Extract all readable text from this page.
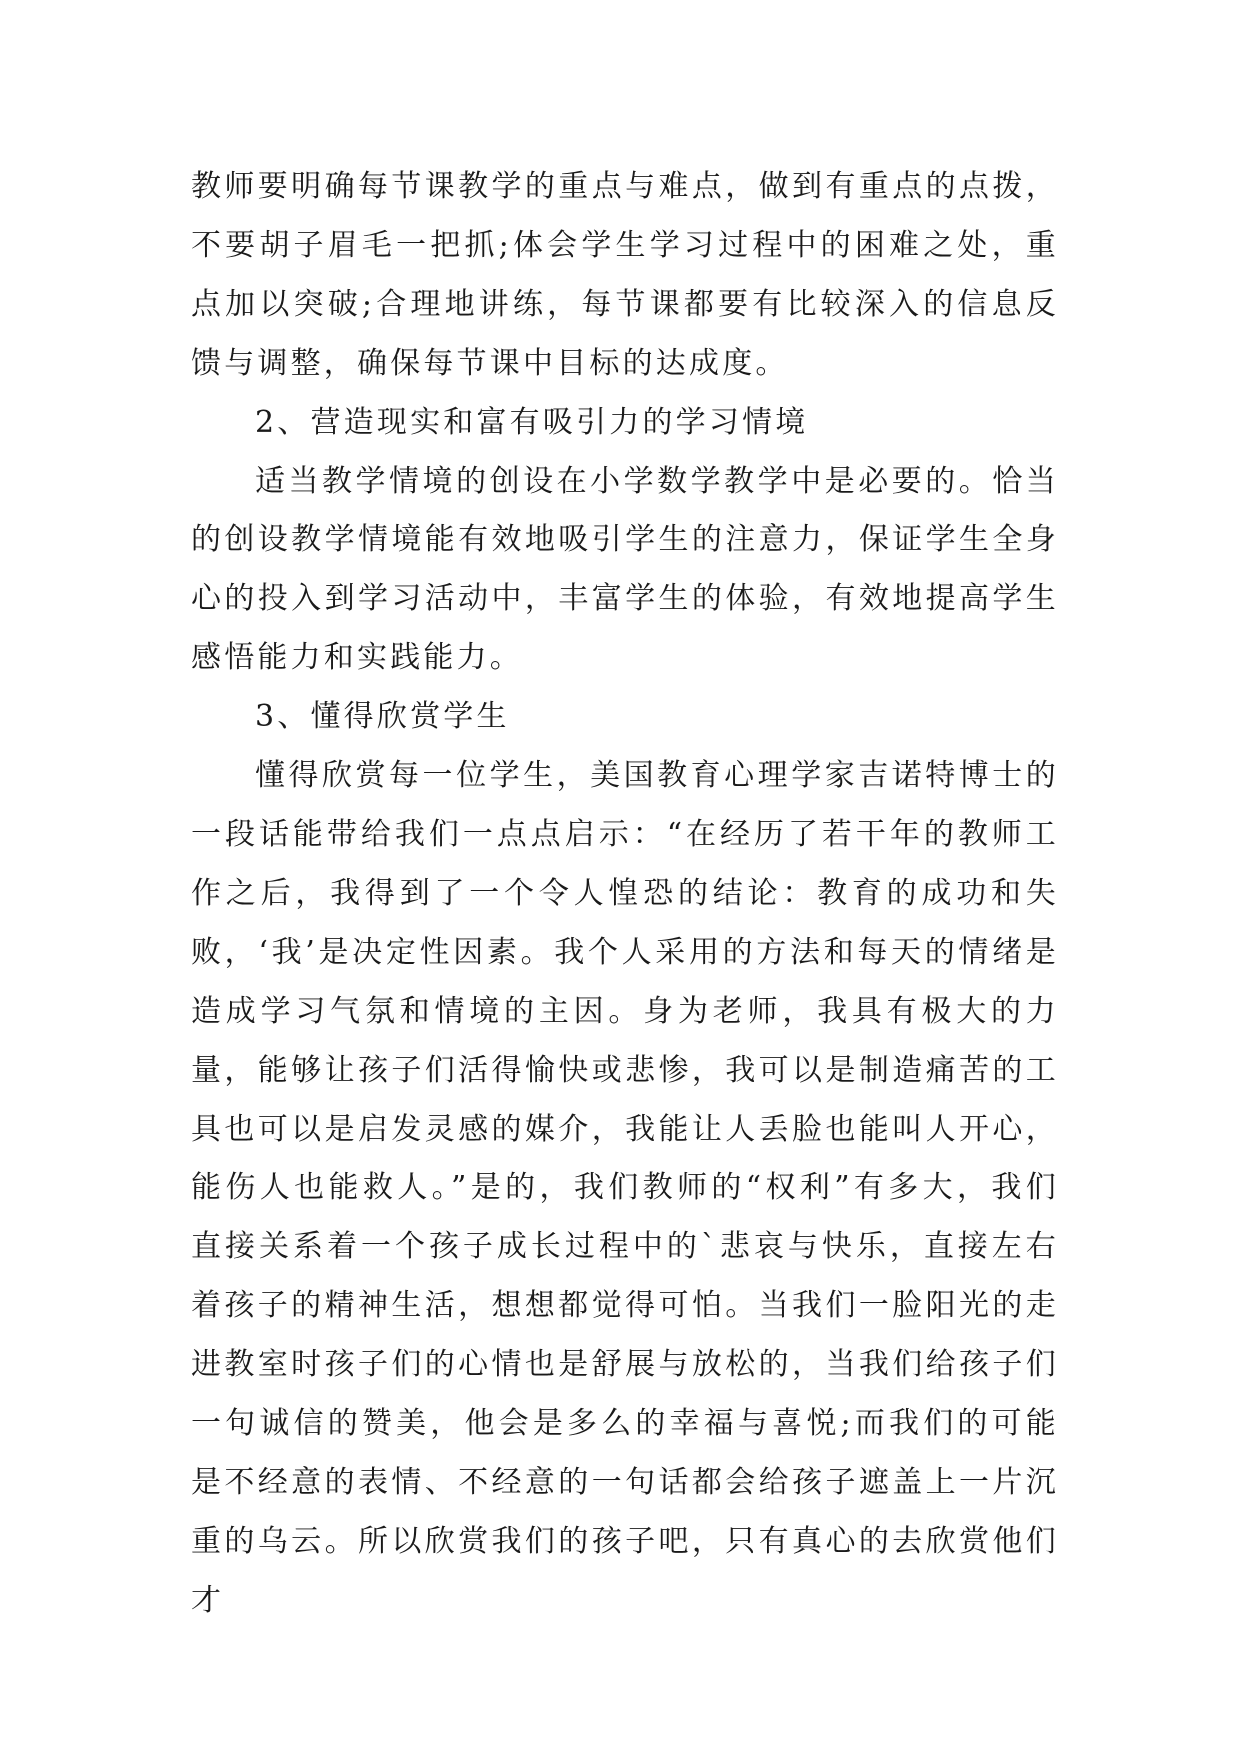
教师要明确每节课教学的重点与难点，做到有重点的点拨，不要胡子眉毛一把抓;体会学生学习过程中的困难之处，重点加以突破;合理地讲练，每节课都要有比较深入的信息反馈与调整，确保每节课中目标的达成度。

2、营造现实和富有吸引力的学习情境

适当教学情境的创设在小学数学教学中是必要的。恰当的创设教学情境能有效地吸引学生的注意力，保证学生全身心的投入到学习活动中，丰富学生的体验，有效地提高学生感悟能力和实践能力。

3、懂得欣赏学生

懂得欣赏每一位学生，美国教育心理学家吉诺特博士的一段话能带给我们一点点启示：“在经历了若干年的教师工作之后，我得到了一个令人惶恐的结论：教育的成功和失败，‘我’是决定性因素。我个人采用的方法和每天的情绪是造成学习气氛和情境的主因。身为老师，我具有极大的力量，能够让孩子们活得愉快或悲惨，我可以是制造痛苦的工具也可以是启发灵感的媒介，我能让人丢脸也能叫人开心，能伤人也能救人。”是的，我们教师的“权利”有多大，我们直接关系着一个孩子成长过程中的`悲哀与快乐，直接左右着孩子的精神生活，想想都觉得可怕。当我们一脸阳光的走进教室时孩子们的心情也是舒展与放松的，当我们给孩子们一句诚信的赞美，他会是多么的幸福与喜悦;而我们的可能是不经意的表情、不经意的一句话都会给孩子遮盖上一片沉重的乌云。所以欣赏我们的孩子吧，只有真心的去欣赏他们才
